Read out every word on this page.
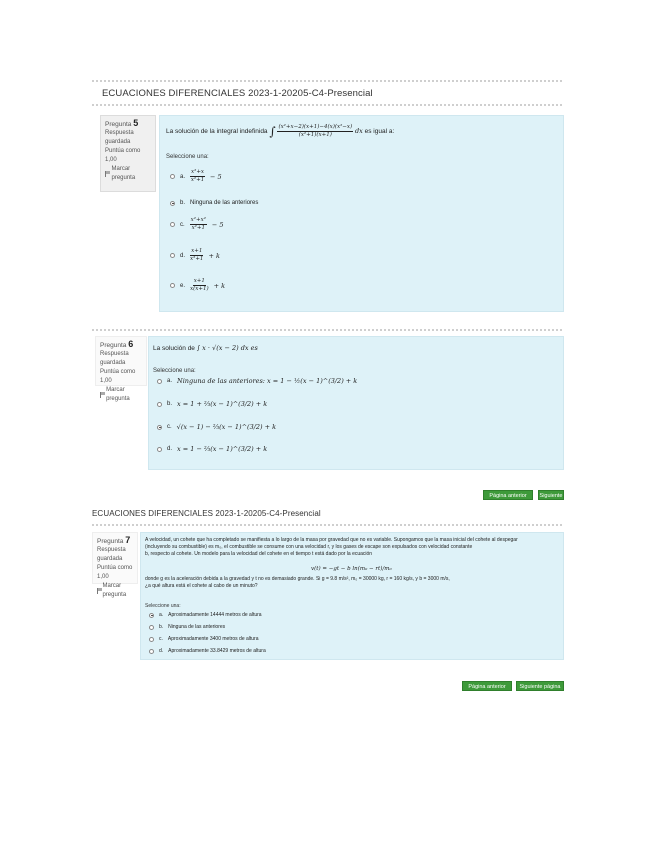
ECUACIONES DIFERENCIALES 2023-1-20205-C4-Presencial
Pregunta 5
Respuesta guardada
Puntúa como 1,00
Marcar pregunta
La solución de la integral indefinida ∫ $\frac{\text{(x²+x−2)(x+1)−4(x)(x²−x)}}{\text{(x²+1)(x+1)}}$ dx es igual a:
Seleccione una:
a. $\frac{\text{x²+x}}{\text{x²+1}} - 5$
b. Ninguna de las anteriores
c. $\frac{\text{x²+x²}}{\text{x²+1}} - 5$
d. $\frac{x+1}{\text{x²+1}} + k$
e. $\frac{x+1}{x(x+1)} + k$
Pregunta 6
Respuesta guardada
Puntúa como 1,00
Marcar pregunta
La solución de ∫ x · √(x − 2) dx es
Seleccione una:
a. Ninguna de las anteriores: x = 1 − ½(x − 1)^(3/2) + k
b. x = 1 + ⅔(x − 1)^(3/2) + k
c. √(x − 1) − ⅔(x − 1)^(3/2) + k
d. x = 1 − ⅔(x − 1)^(3/2) + k
Página anterior	Siguiente
ECUACIONES DIFERENCIALES 2023-1-20205-C4-Presencial
Pregunta 7
Respuesta guardada
Puntúa como 1,00
Marcar pregunta
A velocidad, un cohete que ha completado se manifiesta a lo largo de la masa por gravedad que no es variable. Supongamos que la masa inicial del cohete al despegar
(incluyendo su combustible) es m₀, el combustible se consume con una velocidad r, y los gases de escape son expulsados con velocidad constante
b, respecto al cohete. Un modelo para la velocidad del cohete en el tiempo t está dado por la ecuación
v(t) = −gt − b ln(m₀ − rt)/m₀
donde g es la aceleración debida a la gravedad y t no es demasiado grande. Si g = 9.8 m/s², m₀ = 30000 kg, r = 160 kg/s, y b = 3000 m/s,
¿a qué altura está el cohete al cabo de un minuto?
Seleccione una:
a. Aproximadamente 14444 metros de altura
b. Ninguna de las anteriores
c. Aproximadamente 3400 metros de altura
d. Aproximadamente 33.8429 metros de altura
Página anterior	Siguiente página
